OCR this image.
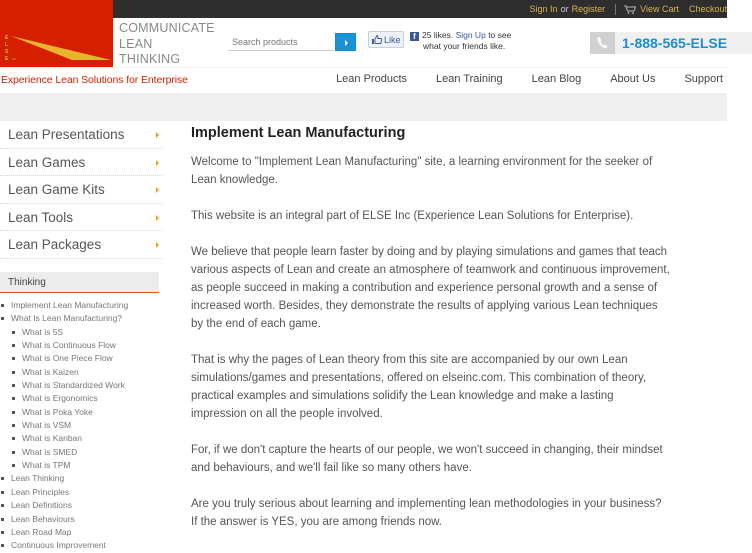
Sign In or Register	View Cart Checkout
E
L
S
E Inc.
COMMUNICATE
LEAN
THINKING
Search products
Like	f 25 likes. Sign Up to see
what your friends like.	1-888-565-ELSE
Experience Lean Solutions for Enterprise	Lean Products	Lean Training	Lean Blog	About Us	Support
Lean Presentations
Lean Games
Lean Game Kits
Lean Tools
Lean Packages
Thinking
Implement Lean Manufacturing
What Is Lean Manufacturing?
What is 5S
What is Continuous Flow
What is One Piece Flow
What is Kaizen
What is Standardized Work
What is Ergonomics
What is Poka Yoke
What is VSM
What is Kanban
What is SMED
What is TPM
Lean Thinking
Lean Principles
Lean Definitions
Lean Behaviours
Lean Road Map
Continuous Improvement
Implement Lean Manufacturing

Welcome to "Implement Lean Manufacturing" site, a learning environment for the seeker of Lean knowledge.

This website is an integral part of ELSE Inc (Experience Lean Solutions for Enterprise).

We believe that people learn faster by doing and by playing simulations and games that teach various aspects of Lean and create an atmosphere of teamwork and continuous improvement, as people succeed in making a contribution and experience personal growth and a sense of increased worth. Besides, they demonstrate the results of applying various Lean techniques by the end of each game.

That is why the pages of Lean theory from this site are accompanied by our own Lean simulations/games and presentations, offered on elseinc.com. This combination of theory, practical examples and simulations solidify the Lean knowledge and make a lasting impression on all the people involved.

For, if we don't capture the hearts of our people, we won't succeed in changing, their mindset and behaviours, and we'll fail like so many others have.

Are you truly serious about learning and implementing lean methodologies in your business? If the answer is YES, you are among friends now.
